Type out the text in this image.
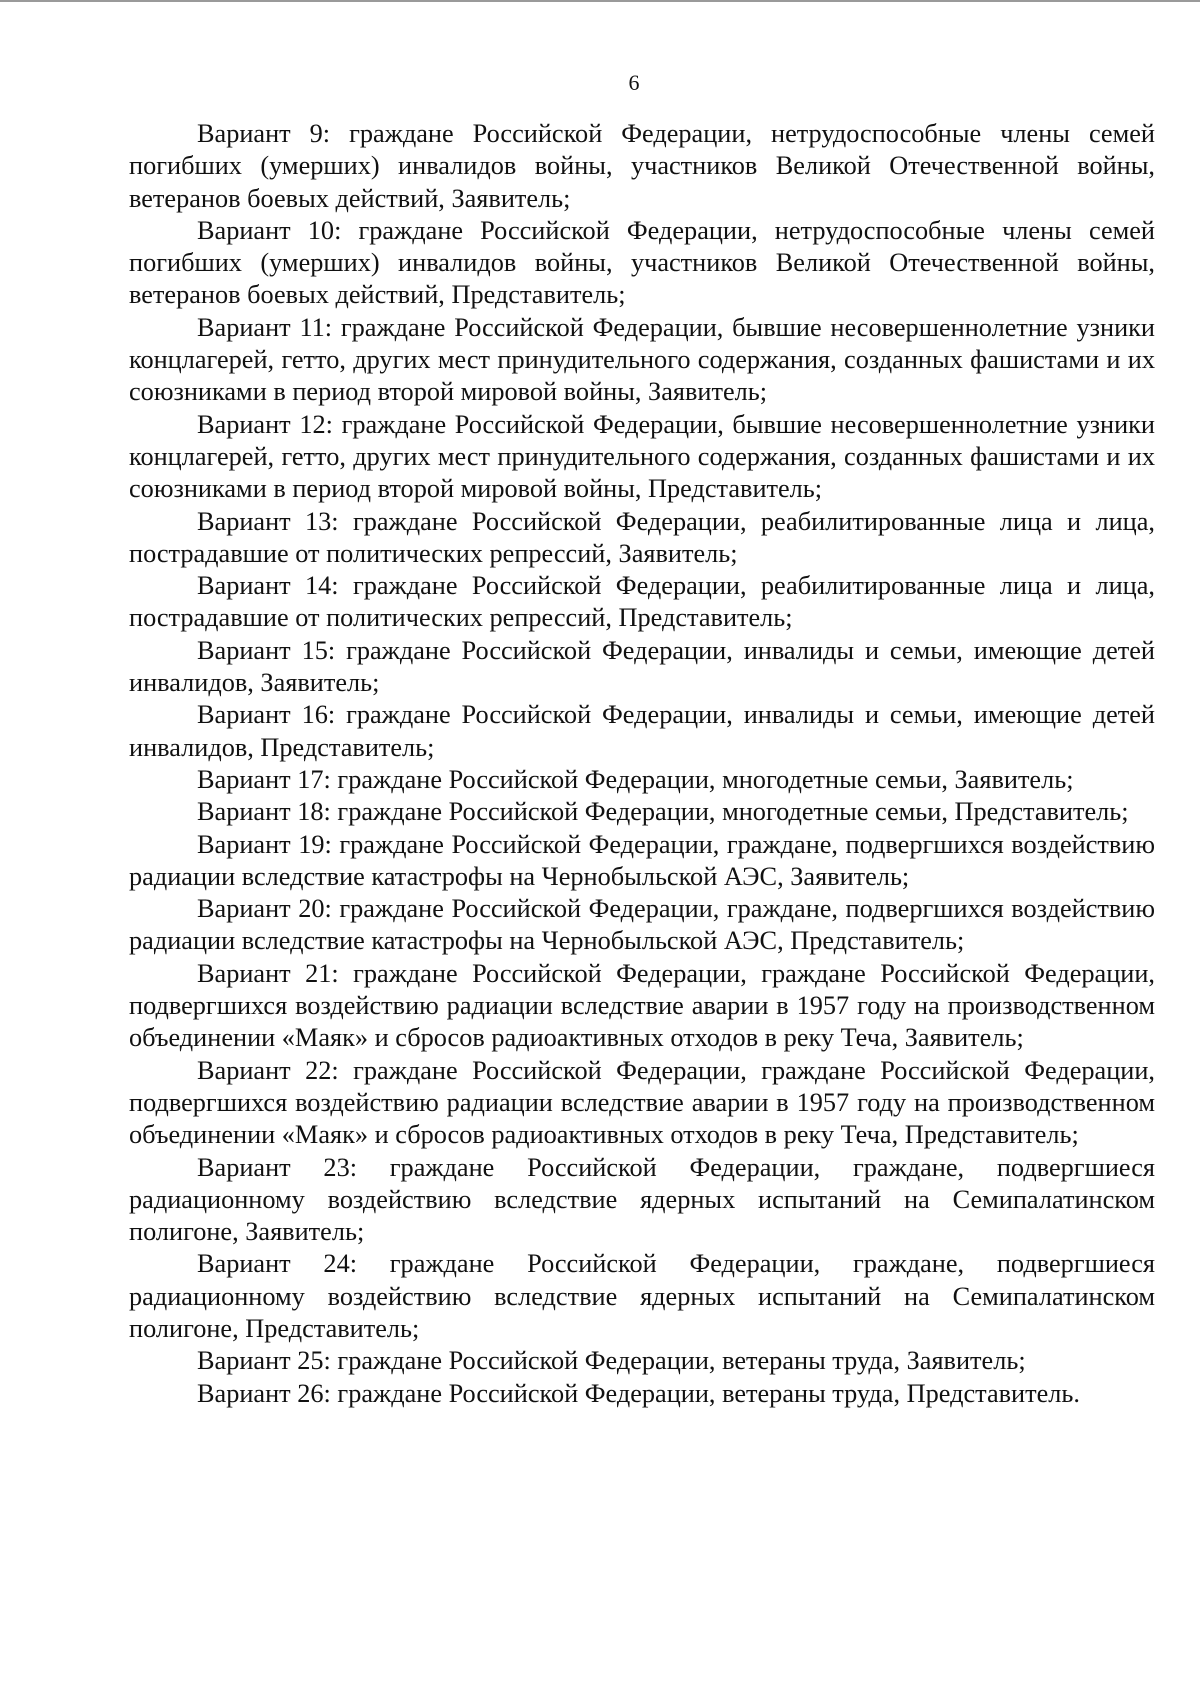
6

Вариант 9: граждане Российской Федерации, нетрудоспособные члены семей погибших (умерших) инвалидов войны, участников Великой Отечественной войны, ветеранов боевых действий, Заявитель;

Вариант 10: граждане Российской Федерации, нетрудоспособные члены семей погибших (умерших) инвалидов войны, участников Великой Отечественной войны, ветеранов боевых действий, Представитель;

Вариант 11: граждане Российской Федерации, бывшие несовершеннолетние узники концлагерей, гетто, других мест принудительного содержания, созданных фашистами и их союзниками в период второй мировой войны, Заявитель;

Вариант 12: граждане Российской Федерации, бывшие несовершеннолетние узники концлагерей, гетто, других мест принудительного содержания, созданных фашистами и их союзниками в период второй мировой войны, Представитель;

Вариант 13: граждане Российской Федерации, реабилитированные лица и лица, пострадавшие от политических репрессий, Заявитель;

Вариант 14: граждане Российской Федерации, реабилитированные лица и лица, пострадавшие от политических репрессий, Представитель;

Вариант 15: граждане Российской Федерации, инвалиды и семьи, имеющие детей инвалидов, Заявитель;

Вариант 16: граждане Российской Федерации, инвалиды и семьи, имеющие детей инвалидов, Представитель;

Вариант 17: граждане Российской Федерации, многодетные семьи, Заявитель;

Вариант 18: граждане Российской Федерации, многодетные семьи, Представитель;

Вариант 19: граждане Российской Федерации, граждане, подвергшихся воздействию радиации вследствие катастрофы на Чернобыльской АЭС, Заявитель;

Вариант 20: граждане Российской Федерации, граждане, подвергшихся воздействию радиации вследствие катастрофы на Чернобыльской АЭС, Представитель;

Вариант 21: граждане Российской Федерации, граждане Российской Федерации, подвергшихся воздействию радиации вследствие аварии в 1957 году на производственном объединении «Маяк» и сбросов радиоактивных отходов в реку Теча, Заявитель;

Вариант 22: граждане Российской Федерации, граждане Российской Федерации, подвергшихся воздействию радиации вследствие аварии в 1957 году на производственном объединении «Маяк» и сбросов радиоактивных отходов в реку Теча, Представитель;

Вариант 23: граждане Российской Федерации, граждане, подвергшиеся радиационному воздействию вследствие ядерных испытаний на Семипалатинском полигоне, Заявитель;

Вариант 24: граждане Российской Федерации, граждане, подвергшиеся радиационному воздействию вследствие ядерных испытаний на Семипалатинском полигоне, Представитель;

Вариант 25: граждане Российской Федерации, ветераны труда, Заявитель;

Вариант 26: граждане Российской Федерации, ветераны труда, Представитель.
